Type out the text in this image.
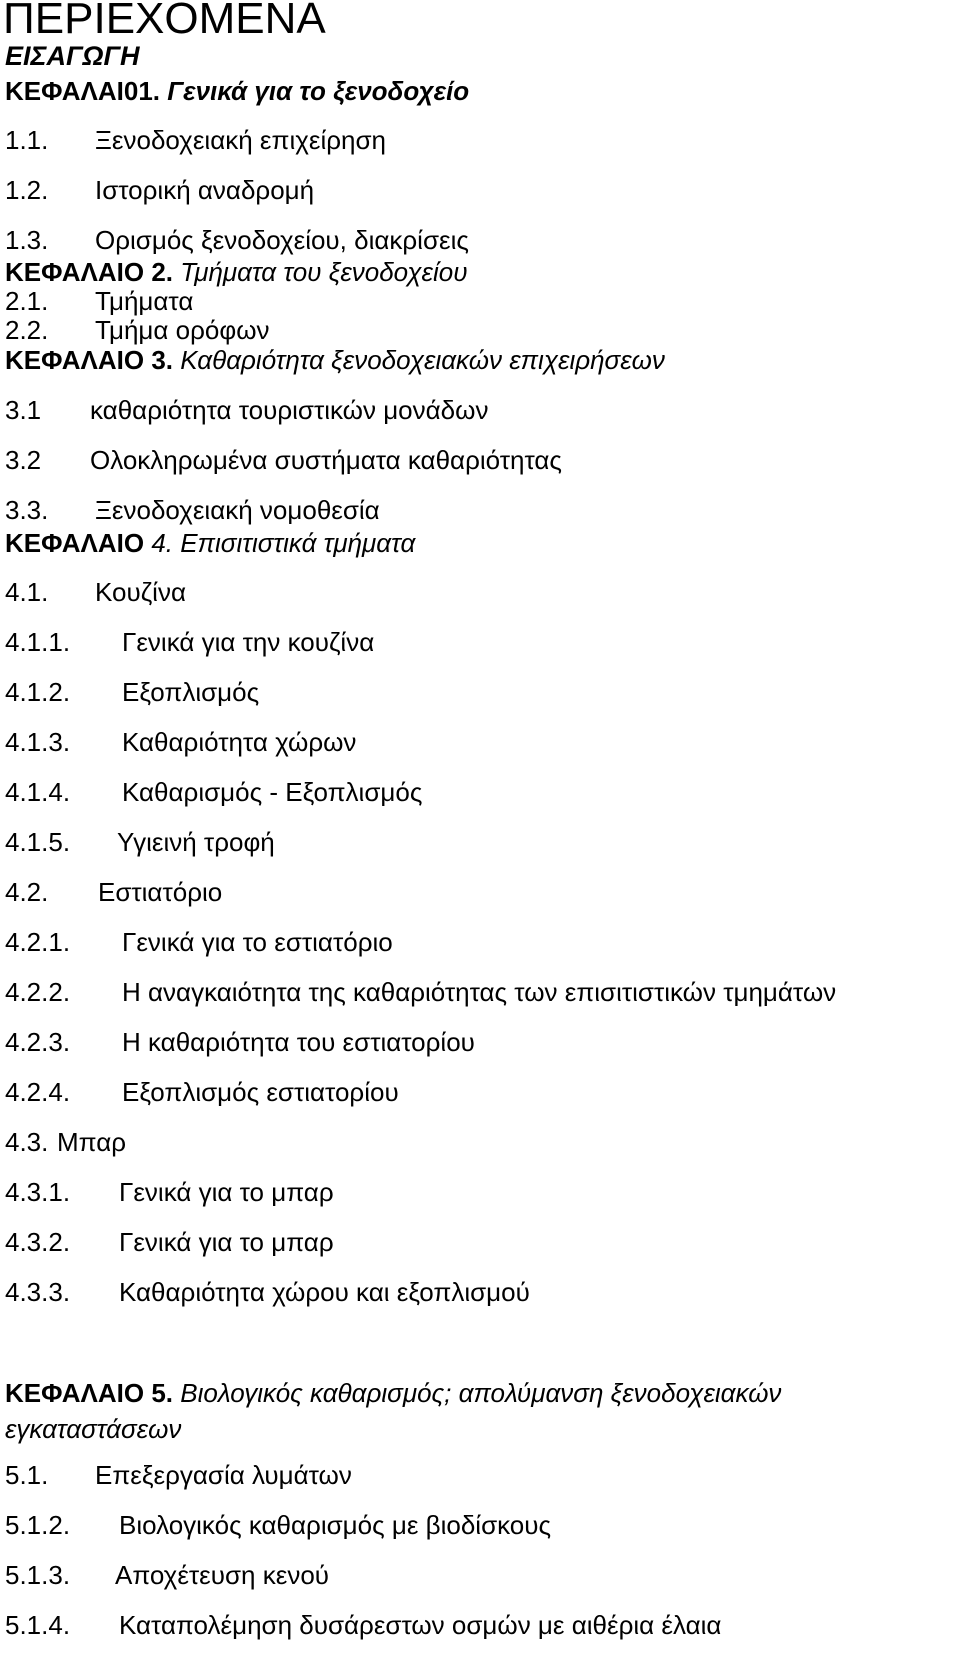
ΠΕΡΙΕΧΟΜΕΝΑ
ΕΙΣΑΓΩΓΗ
ΚΕΦΑΛΑΙ01. Γενικά για το ξενοδοχείο
1.1. Ξενοδοχειακή επιχείρηση
1.2. Ιστορική αναδρομή
1.3. Ορισμός ξενοδοχείου, διακρίσεις
ΚΕΦΑΛΑΙΟ 2. Τμήματα του ξενοδοχείου
2.1. Τμήματα
2.2. Τμήμα ορόφων
ΚΕΦΑΛΑΙΟ 3. Καθαριότητα ξενοδοχειακών επιχειρήσεων
3.1 καθαριότητα τουριστικών μονάδων
3.2 Ολοκληρωμένα συστήματα καθαριότητας
3.3. Ξενοδοχειακή νομοθεσία
ΚΕΦΑΛΑΙΟ 4. Επισιτιστικά τμήματα
4.1. Κουζίνα
4.1.1. Γενικά για την κουζίνα
4.1.2. Εξοπλισμός
4.1.3. Καθαριότητα χώρων
4.1.4. Καθαρισμός - Εξοπλισμός
4.1.5. Υγιεινή τροφή
4.2. Εστιατόριο
4.2.1. Γενικά για το εστιατόριο
4.2.2. Η αναγκαιότητα της καθαριότητας των επισιτιστικών τμημάτων
4.2.3. Η καθαριότητα του εστιατορίου
4.2.4. Εξοπλισμός εστιατορίου
4.3. Μπαρ
4.3.1. Γενικά για το μπαρ
4.3.2. Γενικά για το μπαρ
4.3.3. Καθαριότητα χώρου και εξοπλισμού
ΚΕΦΑΛΑΙΟ 5. Βιολογικός καθαρισμός; απολύμανση ξενοδοχειακών εγκαταστάσεων
5.1. Επεξεργασία λυμάτων
5.1.2. Βιολογικός καθαρισμός με βιοδίσκους
5.1.3. Αποχέτευση κενού
5.1.4. Καταπολέμηση δυσάρεστων οσμών με αιθέρια έλαια
